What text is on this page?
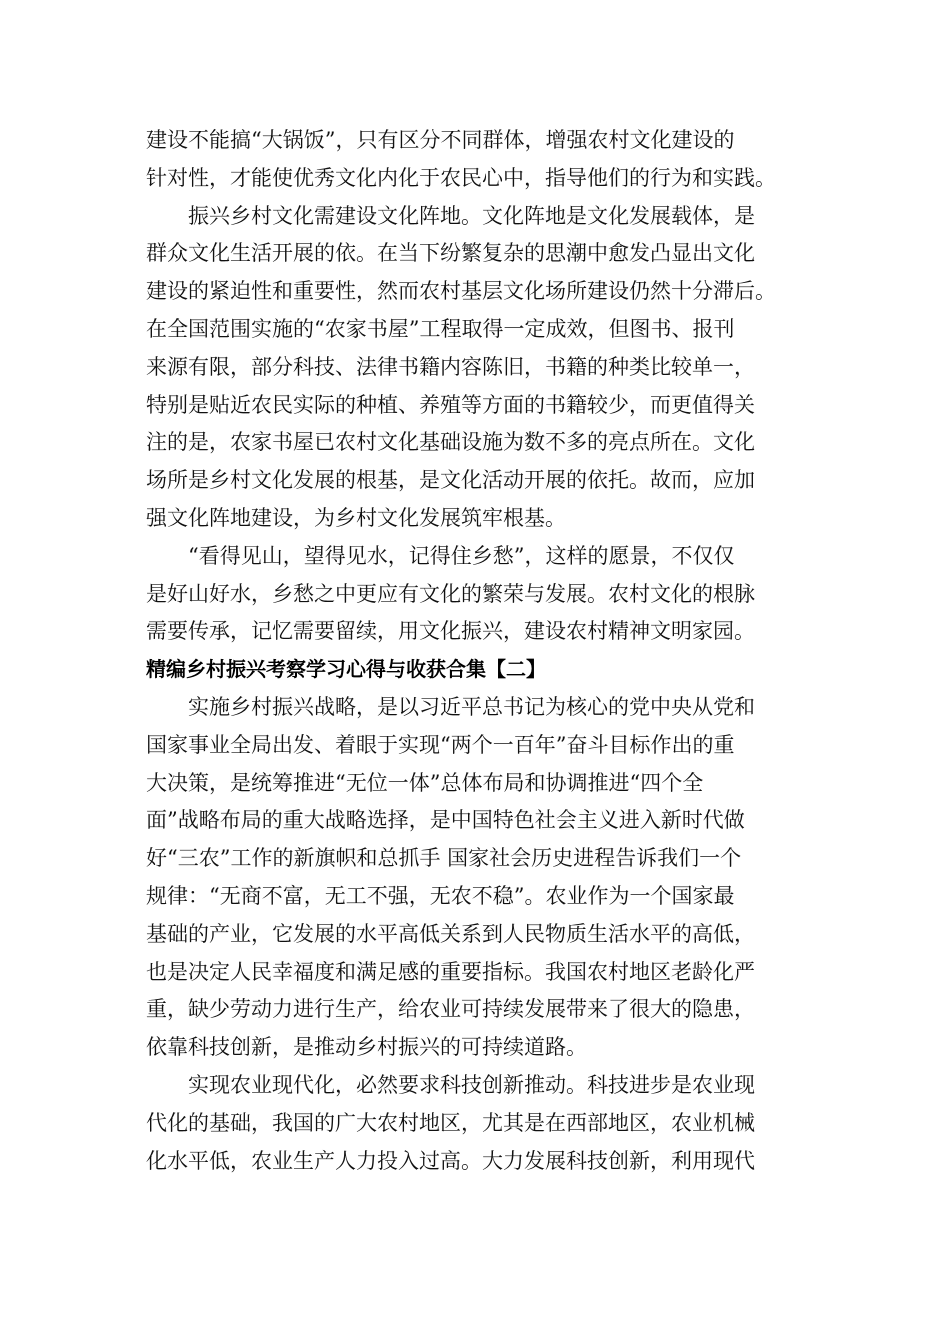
建设不能搞“大锅饭”，只有区分不同群体，增强农村文化建设的
针对性，才能使优秀文化内化于农民心中，指导他们的行为和实践。
振兴乡村文化需建设文化阵地。文化阵地是文化发展载体，是
群众文化生活开展的依。在当下纷繁复杂的思潮中愈发凸显出文化
建设的紧迫性和重要性，然而农村基层文化场所建设仍然十分滞后。
在全国范围实施的“农家书屋”工程取得一定成效，但图书、报刊
来源有限，部分科技、法律书籍内容陈旧，书籍的种类比较单一，
特别是贴近农民实际的种植、养殖等方面的书籍较少，而更值得关
注的是，农家书屋已农村文化基础设施为数不多的亮点所在。文化
场所是乡村文化发展的根基，是文化活动开展的依托。故而，应加
强文化阵地建设，为乡村文化发展筑牢根基。
“看得见山，望得见水，记得住乡愁”，这样的愿景，不仅仅
是好山好水，乡愁之中更应有文化的繁荣与发展。农村文化的根脉
需要传承，记忆需要留续，用文化振兴，建设农村精神文明家园。
精编乡村振兴考察学习心得与收获合集【二】
实施乡村振兴战略，是以习近平总书记为核心的党中央从党和
国家事业全局出发、着眼于实现“两个一百年”奋斗目标作出的重
大决策，是统筹推进“无位一体”总体布局和协调推进“四个全
面”战略布局的重大战略选择，是中国特色社会主义进入新时代做
好“三农”工作的新旗帜和总抓手 国家社会历史进程告诉我们一个
规律：“无商不富，无工不强，无农不稳”。农业作为一个国家最
基础的产业，它发展的水平高低关系到人民物质生活水平的高低，
也是决定人民幸福度和满足感的重要指标。我国农村地区老龄化严
重，缺少劳动力进行生产，给农业可持续发展带来了很大的隐患，
依靠科技创新，是推动乡村振兴的可持续道路。
实现农业现代化，必然要求科技创新推动。科技进步是农业现
代化的基础，我国的广大农村地区，尤其是在西部地区，农业机械
化水平低，农业生产人力投入过高。大力发展科技创新，利用现代
